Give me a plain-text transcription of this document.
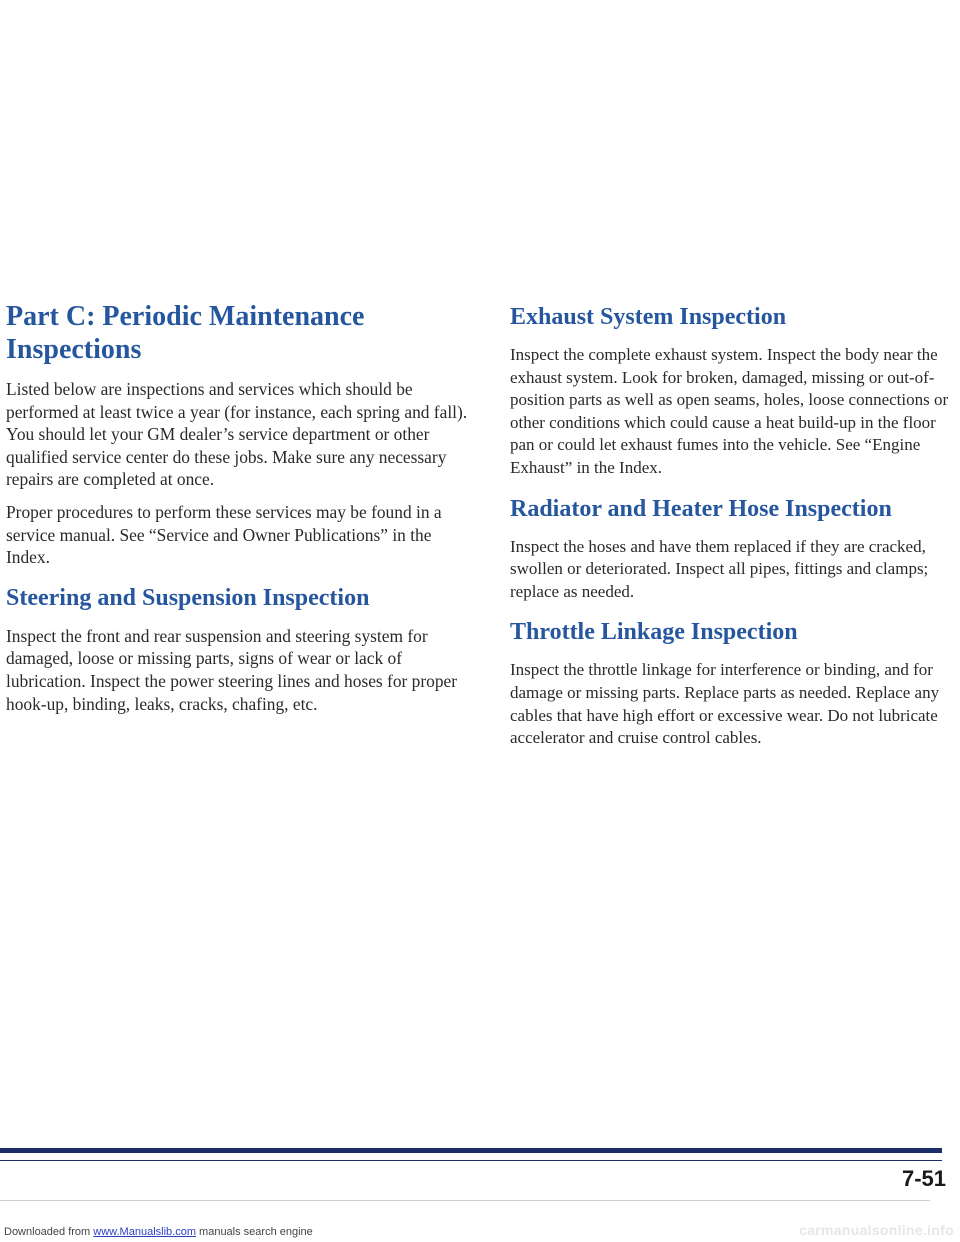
Part C: Periodic Maintenance Inspections

Listed below are inspections and services which should be performed at least twice a year (for instance, each spring and fall). You should let your GM dealer’s service department or other qualified service center do these jobs. Make sure any necessary repairs are completed at once.

Proper procedures to perform these services may be found in a service manual. See “Service and Owner Publications” in the Index.

Steering and Suspension Inspection

Inspect the front and rear suspension and steering system for damaged, loose or missing parts, signs of wear or lack of lubrication. Inspect the power steering lines and hoses for proper hook-up, binding, leaks, cracks, chafing, etc.

Exhaust System Inspection

Inspect the complete exhaust system. Inspect the body near the exhaust system. Look for broken, damaged, missing or out-of-position parts as well as open seams, holes, loose connections or other conditions which could cause a heat build-up in the floor pan or could let exhaust fumes into the vehicle. See “Engine Exhaust” in the Index.

Radiator and Heater Hose Inspection

Inspect the hoses and have them replaced if they are cracked, swollen or deteriorated. Inspect all pipes, fittings and clamps; replace as needed.

Throttle Linkage Inspection

Inspect the throttle linkage for interference or binding, and for damage or missing parts. Replace parts as needed. Replace any cables that have high effort or excessive wear. Do not lubricate accelerator and cruise control cables.

7-51
Downloaded from www.Manualslib.com manuals search engine	carmanualsonline.info
